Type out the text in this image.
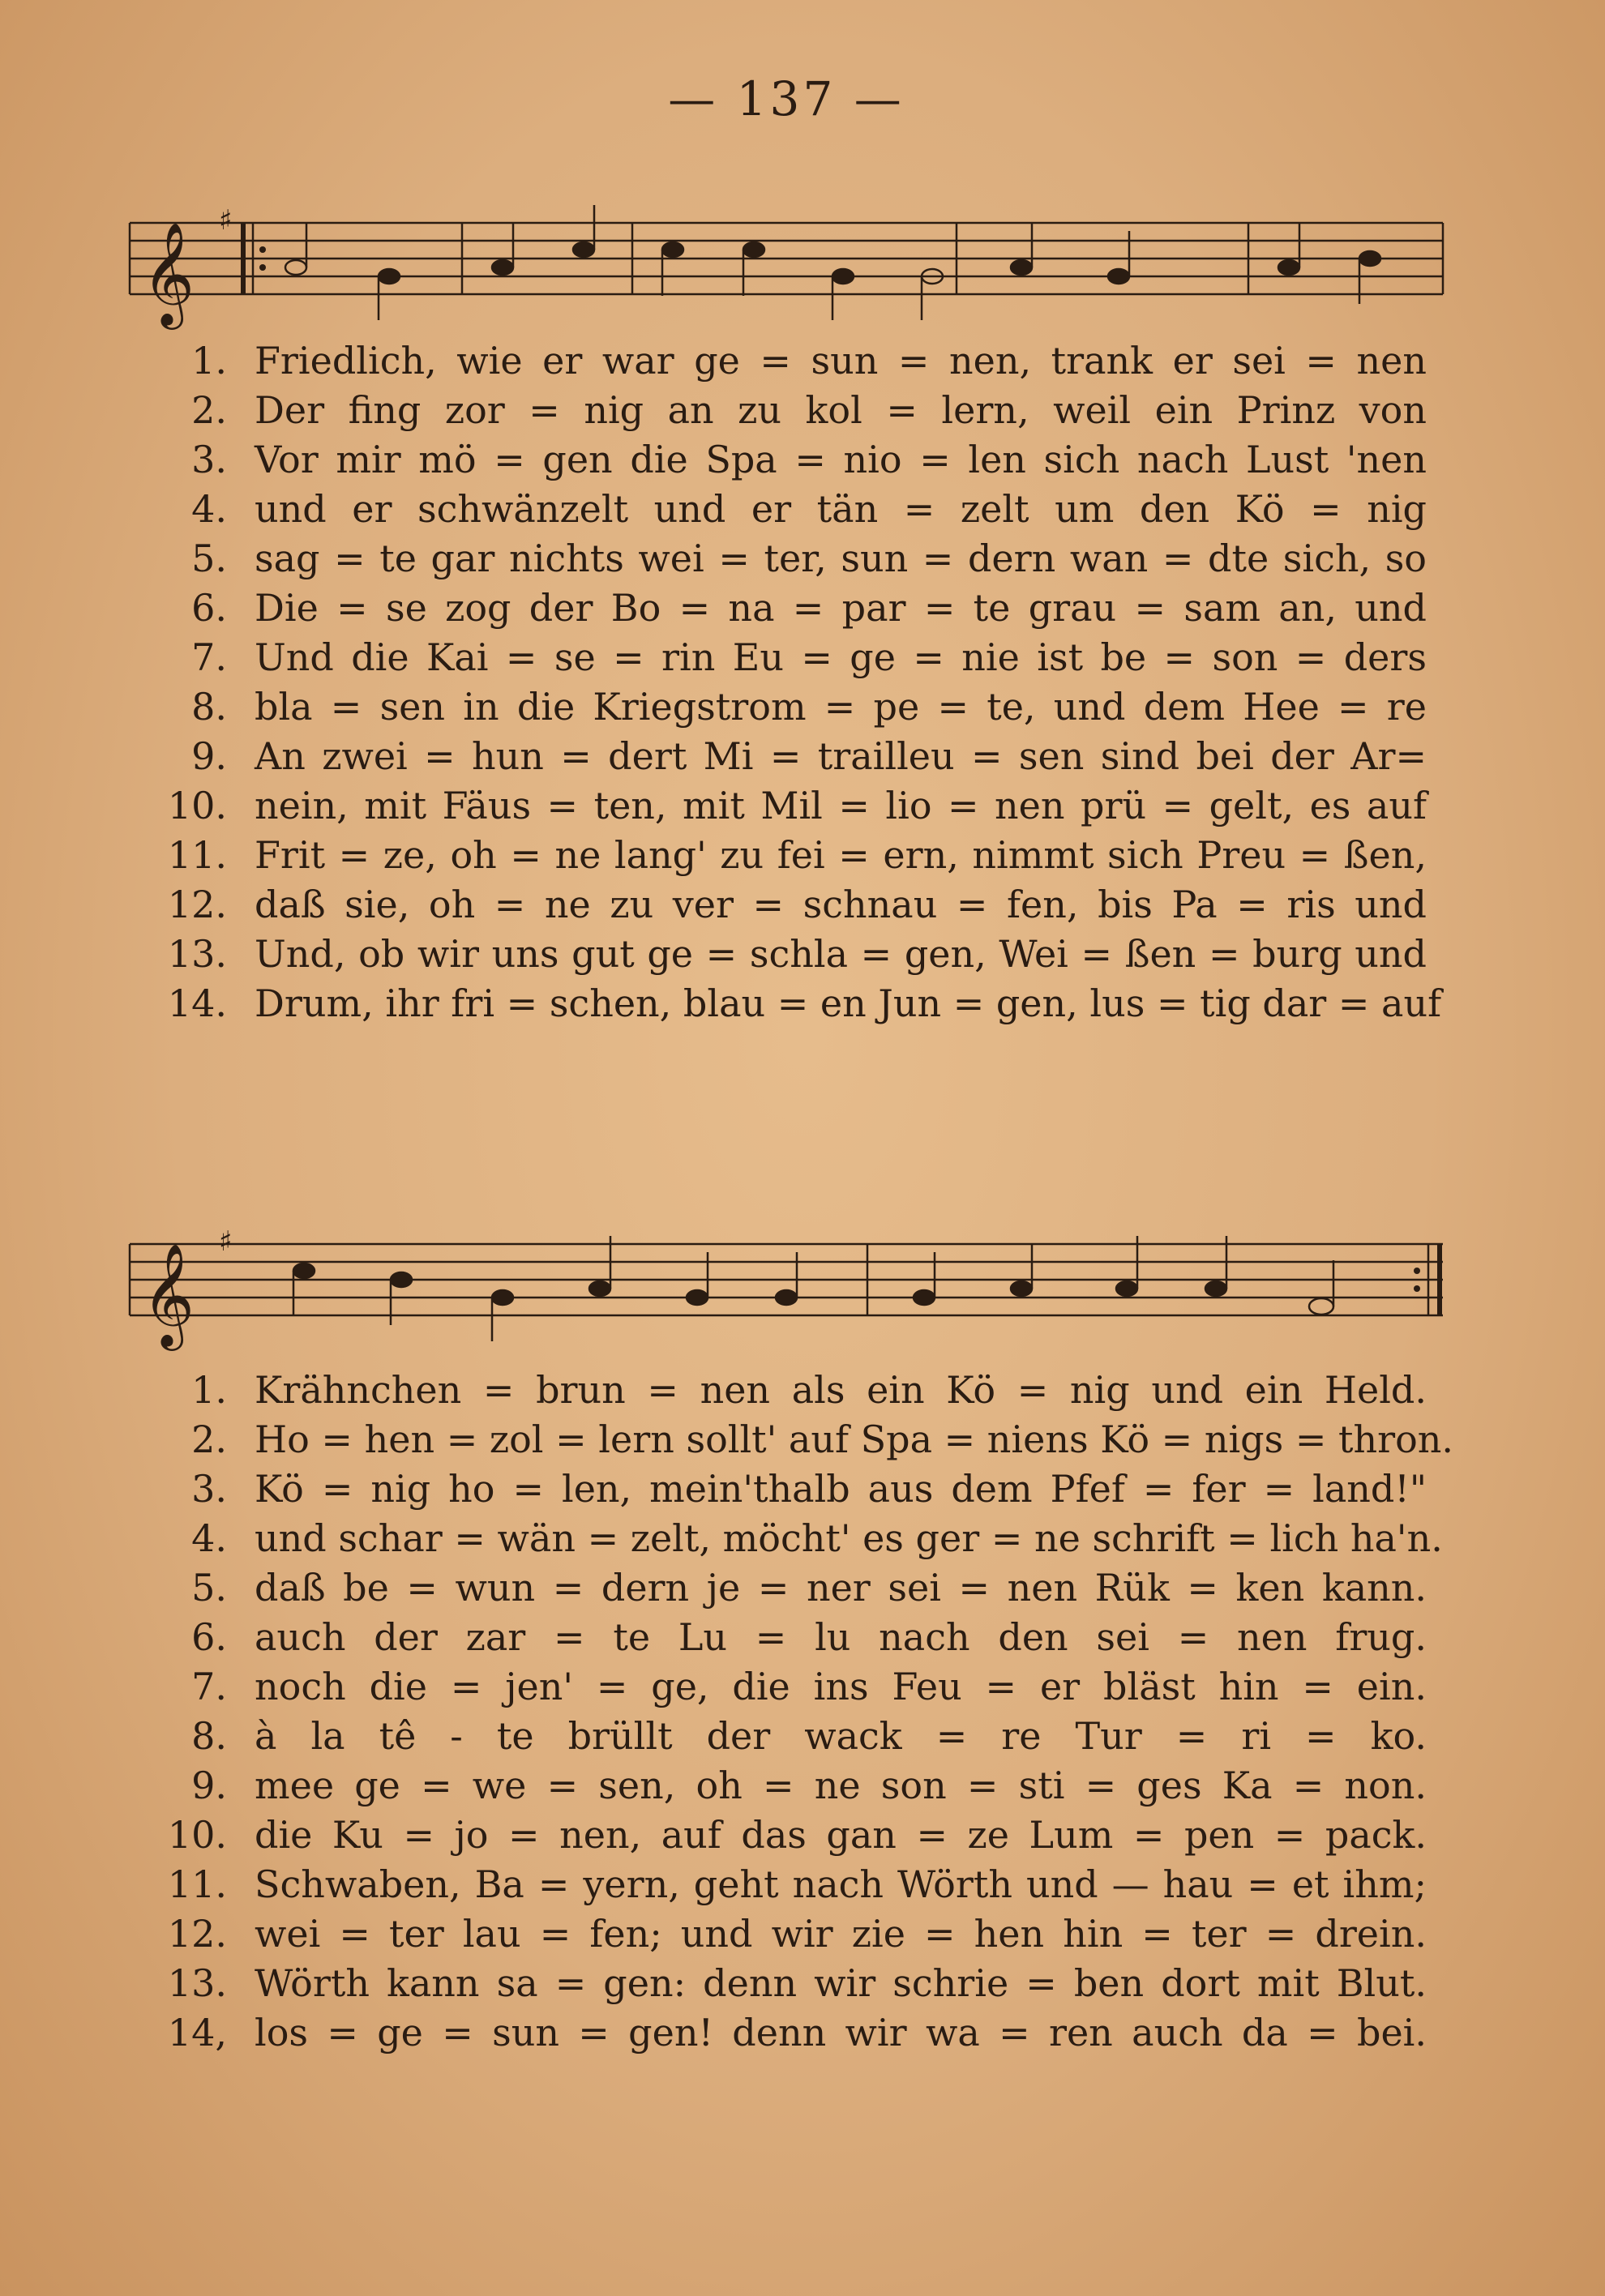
— 137 —
𝄞
♯
1. Friedlich, wie er war ge = sun = nen, trank er sei = nen
2. Der fing zor = nig an zu kol = lern, weil ein Prinz von
3. Vor mir mö = gen die Spa = nio = len sich nach Lust 'nen
4. und er schwänzelt und er tän = zelt um den Kö = nig
5. sag = te gar nichts wei = ter, sun = dern wan = dte sich, so
6. Die = se zog der Bo = na = par = te grau = sam an, und
7. Und die Kai = se = rin Eu = ge = nie ist be = son = ders
8. bla = sen in die Kriegstrom = pe = te, und dem Hee = re
9. An zwei = hun = dert Mi = trailleu = sen sind bei der Ar=
10. nein, mit Fäus = ten, mit Mil = lio = nen prü = gelt, es auf
11. Frit = ze, oh = ne lang' zu fei = ern, nimmt sich Preu = ßen,
12. daß sie, oh = ne zu ver = schnau = fen, bis Pa = ris und
13. Und, ob wir uns gut ge = schla = gen, Wei = ßen = burg und
14. Drum, ihr fri = schen, blau = en Jun = gen, lus = tig dar = auf
𝄞
♯
1. Krähnchen = brun = nen als ein Kö = nig und ein Held.
2. Ho = hen = zol = lern sollt' auf Spa = niens Kö = nigs = thron.
3. Kö = nig ho = len, mein'thalb aus dem Pfef = fer = land!"
4. und schar = wän = zelt, möcht' es ger = ne schrift = lich ha'n.
5. daß be = wun = dern je = ner sei = nen Rük = ken kann.
6. auch der zar = te Lu = lu nach den sei = nen frug.
7. noch die = jen' = ge, die ins Feu = er bläst hin = ein.
8. à la tê - te brüllt der wack = re Tur = ri = ko.
9. mee ge = we = sen, oh = ne son = sti = ges Ka = non.
10. die Ku = jo = nen, auf das gan = ze Lum = pen = pack.
11. Schwaben, Ba = yern, geht nach Wörth und — hau = et ihm;
12. wei = ter lau = fen; und wir zie = hen hin = ter = drein.
13. Wörth kann sa = gen: denn wir schrie = ben dort mit Blut.
14, los = ge = sun = gen! denn wir wa = ren auch da = bei.
